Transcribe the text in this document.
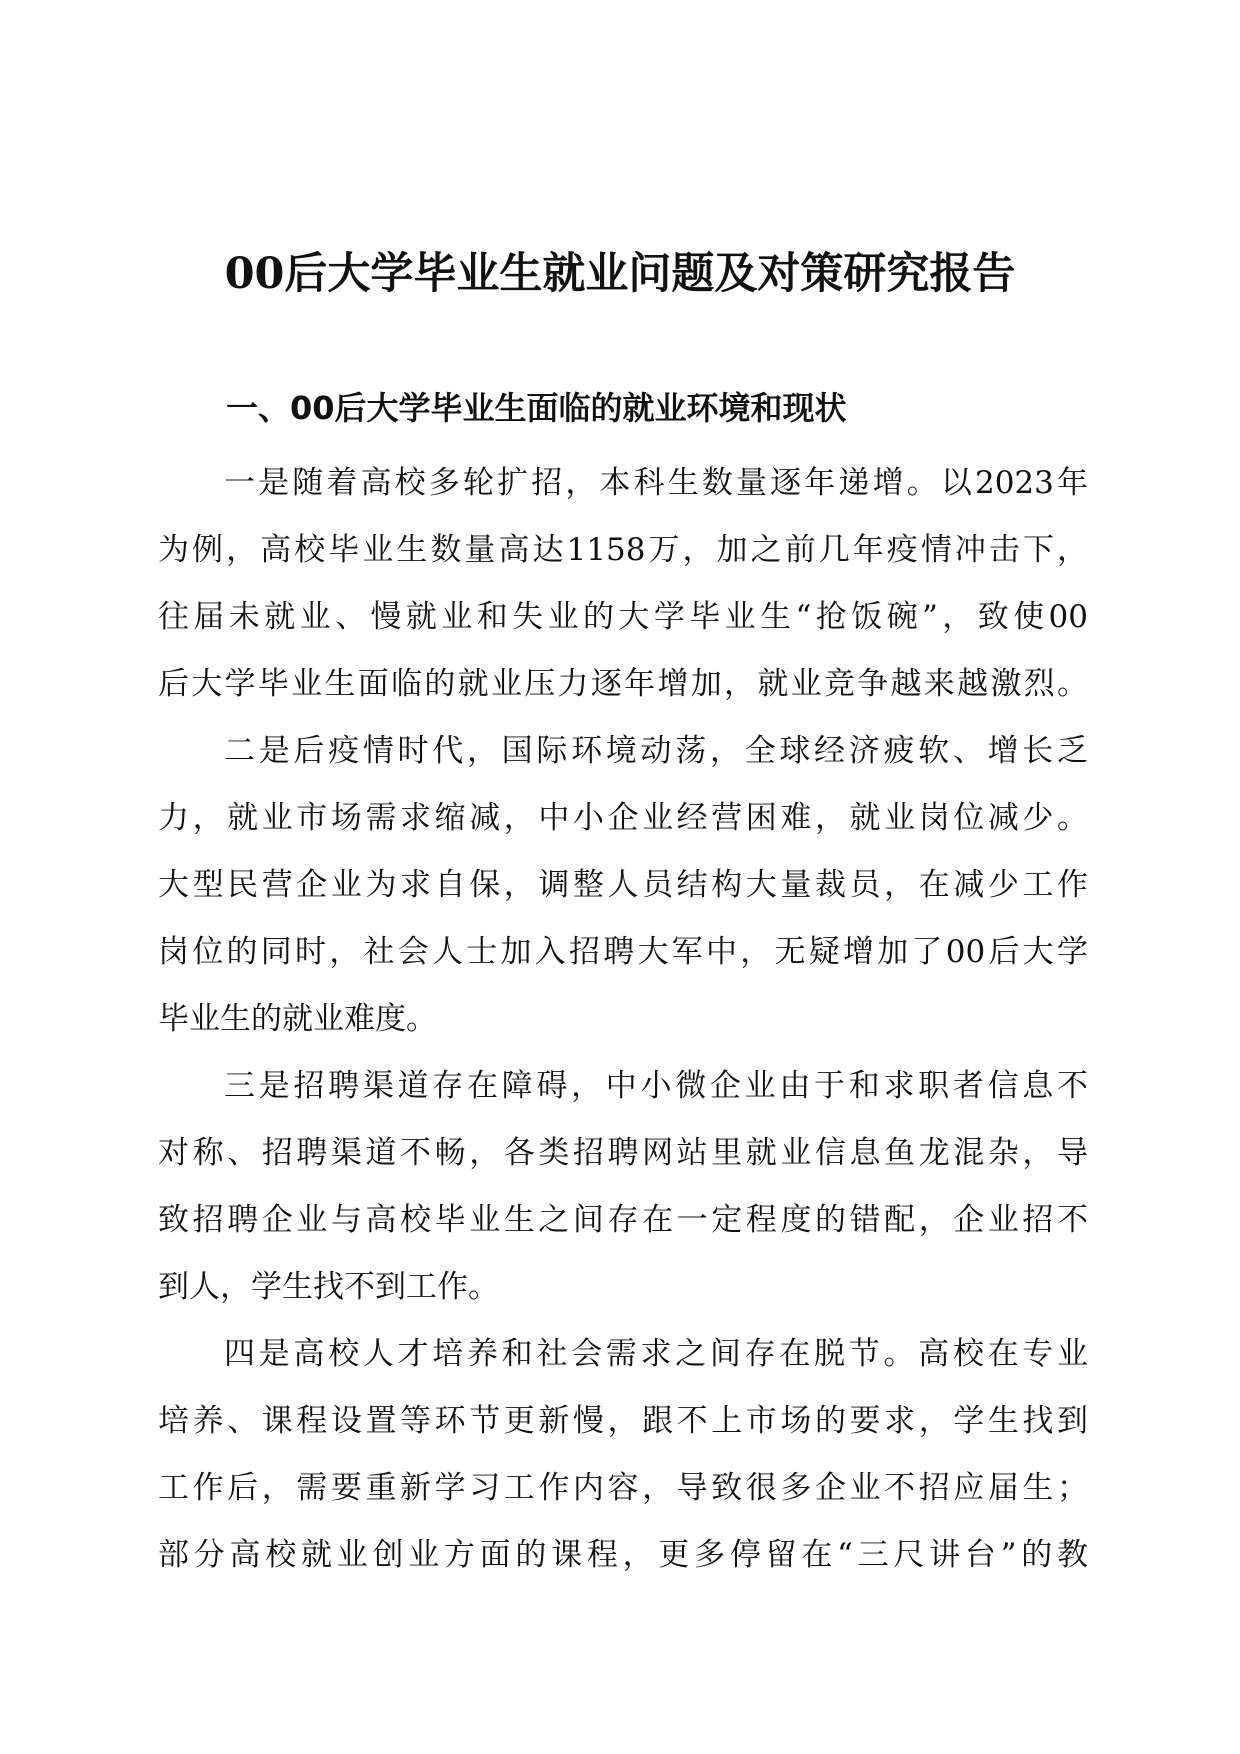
00后大学毕业生就业问题及对策研究报告
一、00后大学毕业生面临的就业环境和现状

一是随着高校多轮扩招，本科生数量逐年递增。以2023年
为例，高校毕业生数量高达1158万，加之前几年疫情冲击下，
往届未就业、慢就业和失业的大学毕业生“抢饭碗”，致使00
后大学毕业生面临的就业压力逐年增加，就业竞争越来越激烈。

二是后疫情时代，国际环境动荡，全球经济疲软、增长乏
力，就业市场需求缩减，中小企业经营困难，就业岗位减少。
大型民营企业为求自保，调整人员结构大量裁员，在减少工作
岗位的同时，社会人士加入招聘大军中，无疑增加了00后大学
毕业生的就业难度。

三是招聘渠道存在障碍，中小微企业由于和求职者信息不
对称、招聘渠道不畅，各类招聘网站里就业信息鱼龙混杂，导
致招聘企业与高校毕业生之间存在一定程度的错配，企业招不
到人，学生找不到工作。

四是高校人才培养和社会需求之间存在脱节。高校在专业
培养、课程设置等环节更新慢，跟不上市场的要求，学生找到
工作后，需要重新学习工作内容，导致很多企业不招应届生；
部分高校就业创业方面的课程，更多停留在“三尺讲台”的教
